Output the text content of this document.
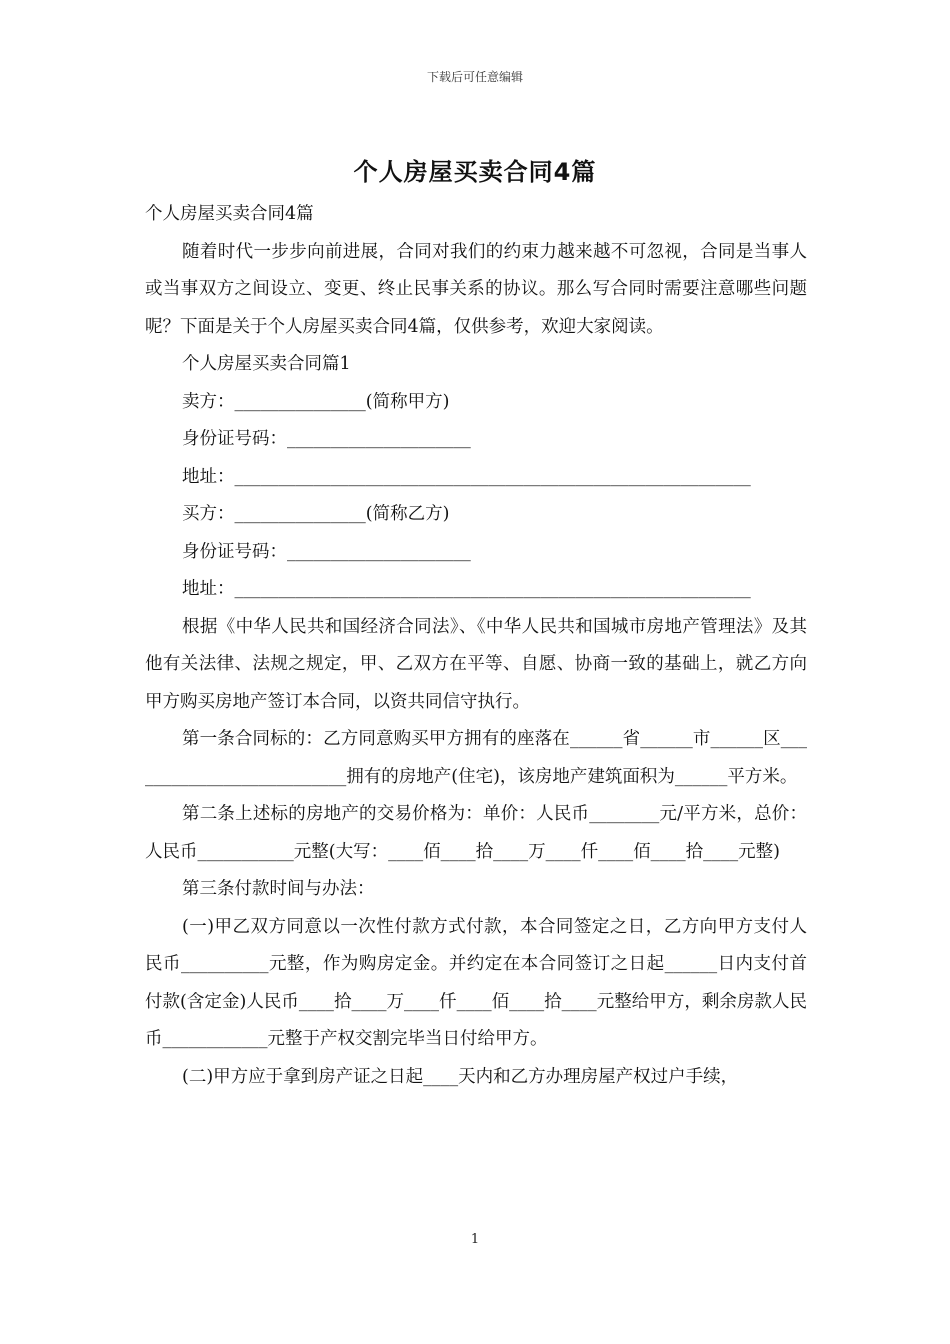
下载后可任意编辑
个人房屋买卖合同4篇

个人房屋买卖合同4篇

随着时代一步步向前进展，合同对我们的约束力越来越不可忽视，合同是当事人或当事双方之间设立、变更、终止民事关系的协议。那么写合同时需要注意哪些问题呢？下面是关于个人房屋买卖合同4篇，仅供参考，欢迎大家阅读。

个人房屋买卖合同篇1

卖方：_______________(简称甲方)

身份证号码：_____________________

地址：___________________________________________________________

买方：_______________(简称乙方)

身份证号码：_____________________

地址：___________________________________________________________

根据《中华人民共和国经济合同法》、《中华人民共和国城市房地产管理法》及其他有关法律、法规之规定，甲、乙双方在平等、自愿、协商一致的基础上，就乙方向甲方购买房地产签订本合同，以资共同信守执行。

第一条合同标的：乙方同意购买甲方拥有的座落在______省______市______区__________________________拥有的房地产(住宅)，该房地产建筑面积为______平方米。

第二条上述标的房地产的交易价格为：单价：人民币________元/平方米，总价：人民币___________元整(大写：____佰____拾____万____仟____佰____拾____元整)

第三条付款时间与办法：

(一)甲乙双方同意以一次性付款方式付款，本合同签定之日，乙方向甲方支付人民币__________元整，作为购房定金。并约定在本合同签订之日起______日内支付首付款(含定金)人民币____拾____万____仟____佰____拾____元整给甲方，剩余房款人民币____________元整于产权交割完毕当日付给甲方。

(二)甲方应于拿到房产证之日起____天内和乙方办理房屋产权过户手续，

1
